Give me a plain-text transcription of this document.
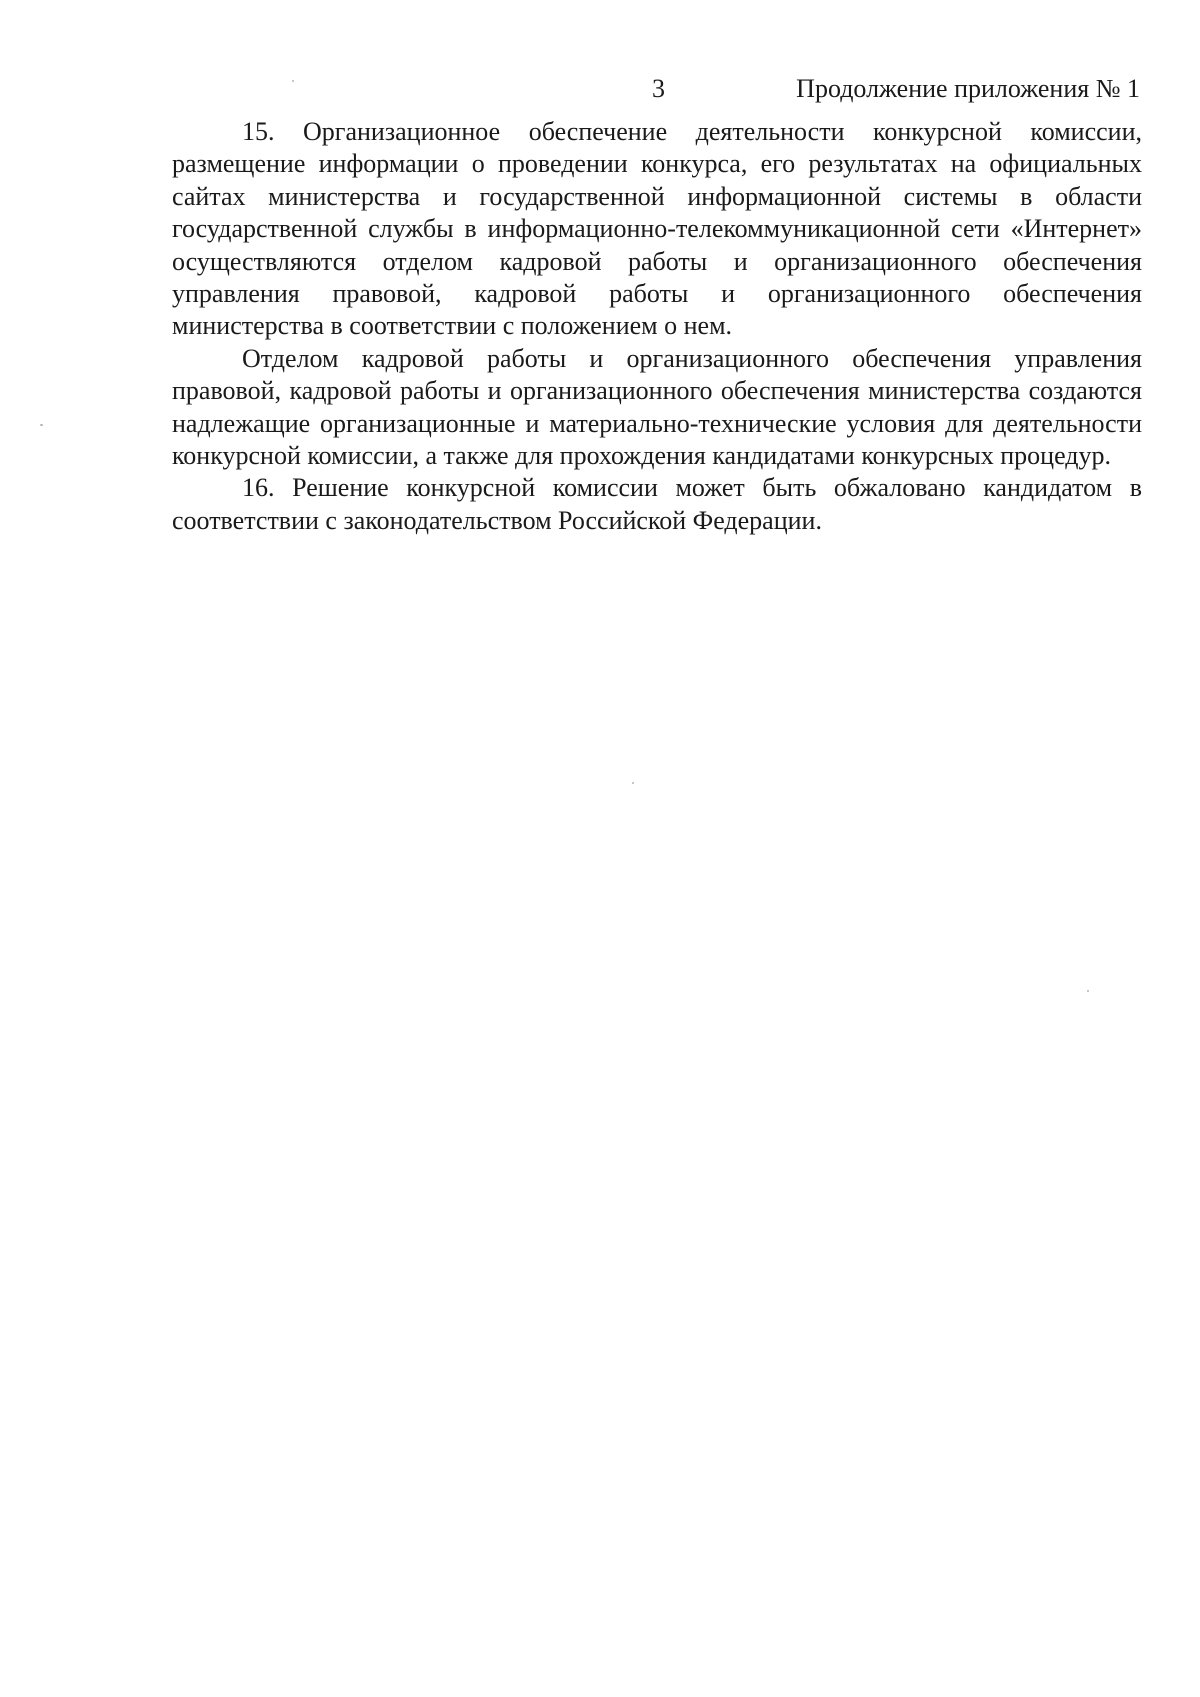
3	Продолжение приложения № 1

15. Организационное обеспечение деятельности конкурсной комиссии, размещение информации о проведении конкурса, его результатах на официальных сайтах министерства и государственной информационной системы в области государственной службы в информационно-телекоммуникационной сети «Интернет» осуществляются отделом кадровой работы и организационного обеспечения управления правовой, кадровой работы и организационного обеспечения министерства в соответствии с положением о нем.

Отделом кадровой работы и организационного обеспечения управления правовой, кадровой работы и организационного обеспечения министерства создаются надлежащие организационные и материально-технические условия для деятельности конкурсной комиссии, а также для прохождения кандидатами конкурсных процедур.

16. Решение конкурсной комиссии может быть обжаловано кандидатом в соответствии с законодательством Российской Федерации.
